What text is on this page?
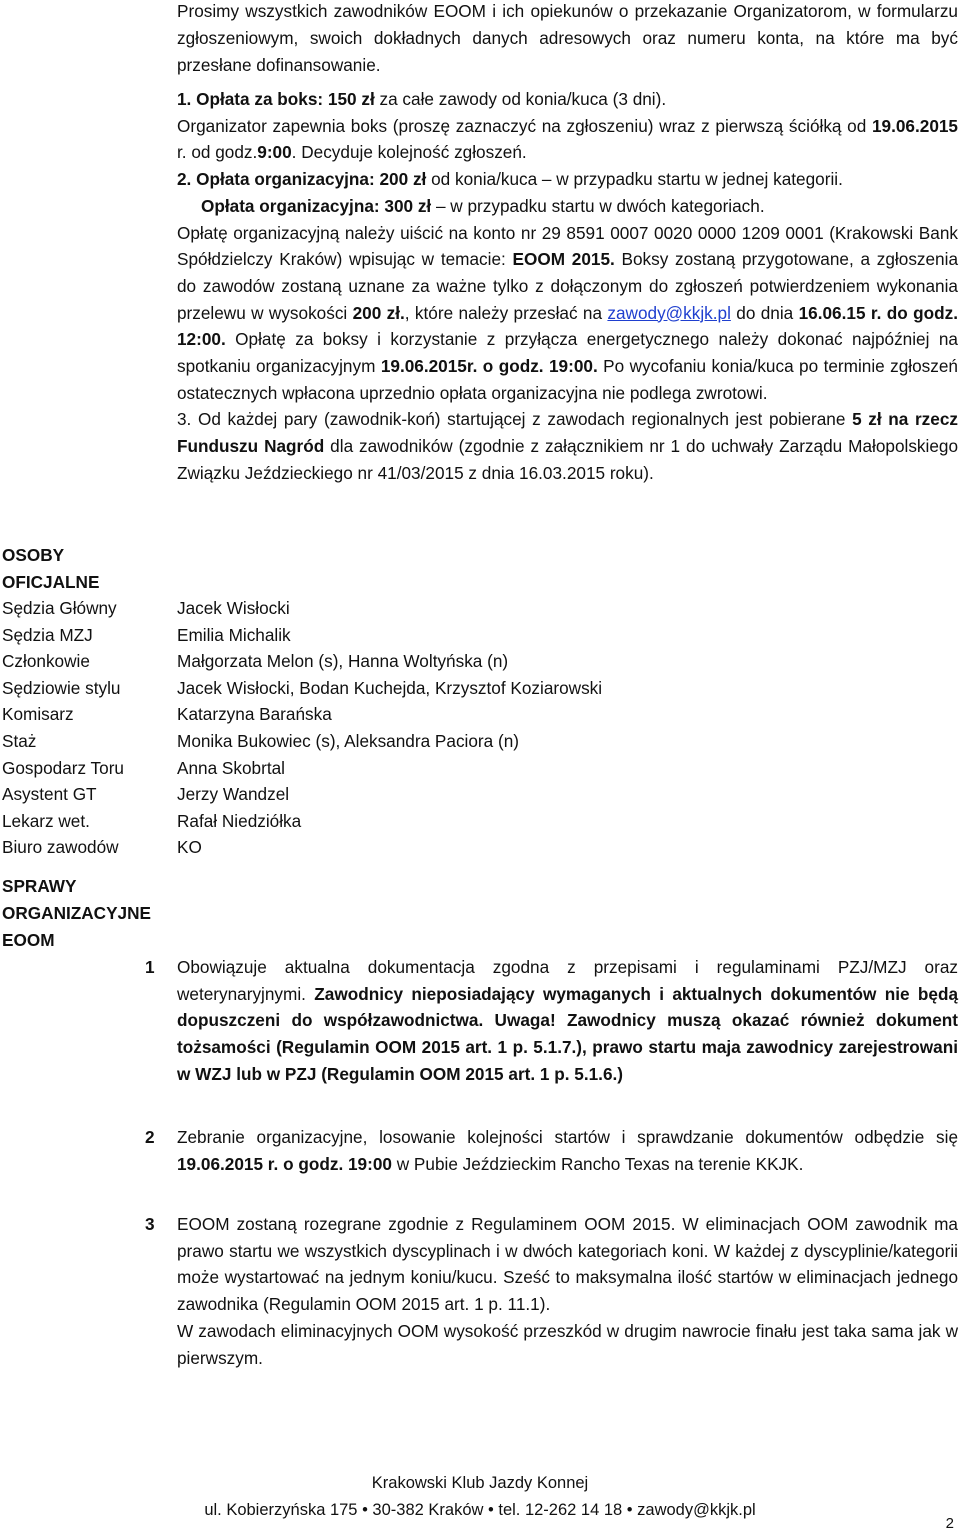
Prosimy wszystkich zawodników EOOM i ich opiekunów o przekazanie Organizatorom, w formularzu zgłoszeniowym, swoich dokładnych danych adresowych oraz numeru konta, na które ma być przesłane dofinansowanie.
1. Opłata za boks: 150 zł za całe zawody od konia/kuca (3 dni).
Organizator zapewnia boks (proszę zaznaczyć na zgłoszeniu) wraz z pierwszą ściółką od 19.06.2015 r. od godz.9:00. Decyduje kolejność zgłoszeń.
2. Opłata organizacyjna: 200 zł od konia/kuca – w przypadku startu w jednej kategorii.
Opłata organizacyjna: 300 zł – w przypadku startu w dwóch kategoriach.
Opłatę organizacyjną należy uiścić na konto nr 29 8591 0007 0020 0000 1209 0001 (Krakowski Bank Spółdzielczy Kraków) wpisując w temacie: EOOM 2015. Boksy zostaną przygotowane, a zgłoszenia do zawodów zostaną uznane za ważne tylko z dołączonym do zgłoszeń potwierdzeniem wykonania przelewu w wysokości 200 zł., które należy przesłać na zawody@kkjk.pl do dnia 16.06.15 r. do godz. 12:00. Opłatę za boksy i korzystanie z przyłącza energetycznego należy dokonać najpóźniej na spotkaniu organizacyjnym 19.06.2015r. o godz. 19:00. Po wycofaniu konia/kuca po terminie zgłoszeń ostatecznych wpłacona uprzednio opłata organizacyjna nie podlega zwrotowi.
3. Od każdej pary (zawodnik-koń) startującej z zawodach regionalnych jest pobierane 5 zł na rzecz Funduszu Nagród dla zawodników (zgodnie z załącznikiem nr 1 do uchwały Zarządu Małopolskiego Związku Jeździeckiego nr 41/03/2015 z dnia 16.03.2015 roku).
OSOBY
OFICJALNE
Sędzia Główny	Jacek Wisłocki
Sędzia MZJ	Emilia Michalik
Członkowie	Małgorzata Melon (s), Hanna Woltyńska (n)
Sędziowie stylu	Jacek Wisłocki, Bodan Kuchejda, Krzysztof Koziarowski
Komisarz	Katarzyna Barańska
Staż	Monika Bukowiec (s), Aleksandra Paciora (n)
Gospodarz Toru	Anna Skobrtal
Asystent GT	Jerzy Wandzel
Lekarz wet.	Rafał Niedziółka
Biuro zawodów	KO
SPRAWY
ORGANIZACYJNE
EOOM
1	Obowiązuje aktualna dokumentacja zgodna z przepisami i regulaminami PZJ/MZJ oraz weterynaryjnymi. Zawodnicy nieposiadający wymaganych i aktualnych dokumentów nie będą dopuszczeni do współzawodnictwa. Uwaga! Zawodnicy muszą okazać również dokument tożsamości (Regulamin OOM 2015 art. 1 p. 5.1.7.), prawo startu maja zawodnicy zarejestrowani w WZJ lub w PZJ (Regulamin OOM 2015 art. 1 p. 5.1.6.)
2	Zebranie organizacyjne, losowanie kolejności startów i sprawdzanie dokumentów odbędzie się 19.06.2015 r. o godz. 19:00 w Pubie Jeździeckim Rancho Texas na terenie KKJK.
3	EOOM zostaną rozegrane zgodnie z Regulaminem OOM 2015. W eliminacjach OOM zawodnik ma prawo startu we wszystkich dyscyplinach i w dwóch kategoriach koni. W każdej z dyscyplinie/kategorii może wystartować na jednym koniu/kucu. Sześć to maksymalna ilość startów w eliminacjach jednego zawodnika (Regulamin OOM 2015 art. 1 p. 11.1).
W zawodach eliminacyjnych OOM wysokość przeszkód w drugim nawrocie finału jest taka sama jak w pierwszym.
Krakowski Klub Jazdy Konnej
ul. Kobierzyńska 175 • 30-382 Kraków • tel. 12-262 14 18 • zawody@kkjk.pl
2
